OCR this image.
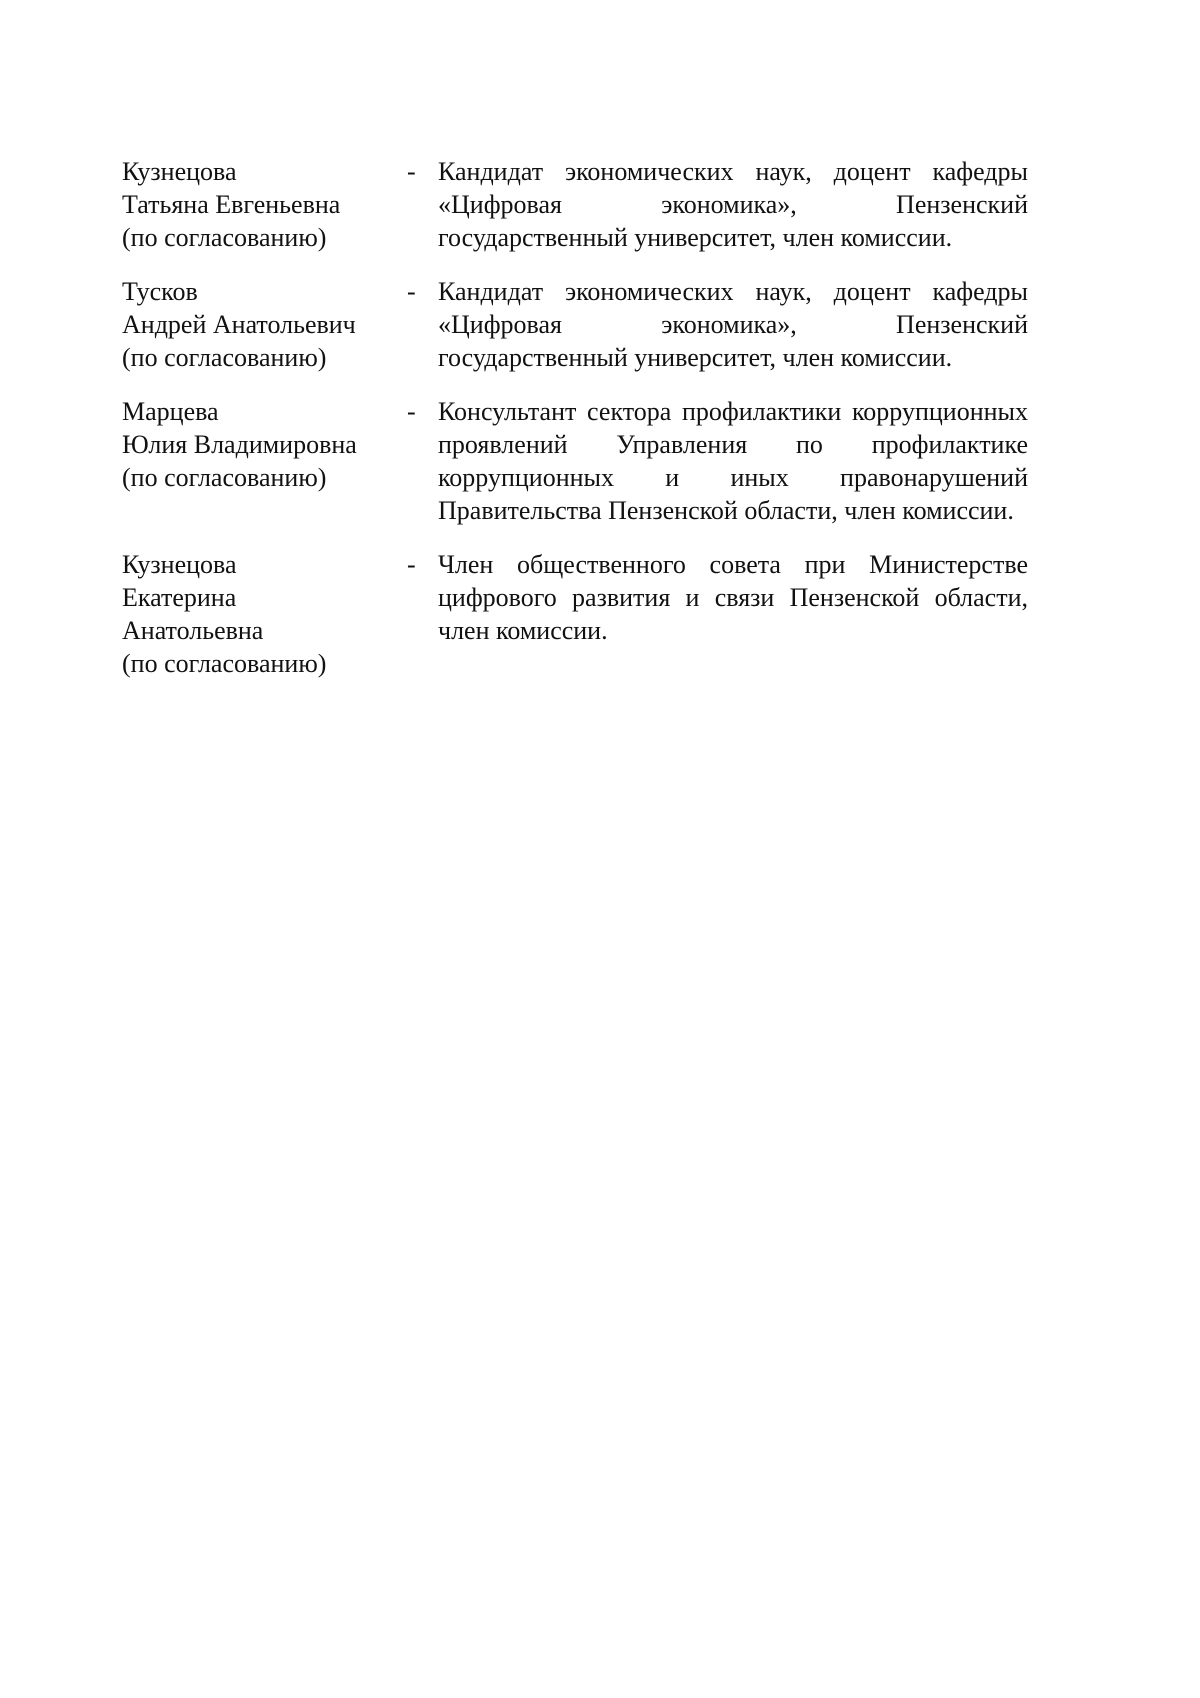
Кузнецова
Татьяна Евгеньевна
(по согласованию)
- Кандидат экономических наук, доцент кафедры «Цифровая экономика», Пензенский государственный университет, член комиссии.
Тусков
Андрей Анатольевич
(по согласованию)
- Кандидат экономических наук, доцент кафедры «Цифровая экономика», Пензенский государственный университет, член комиссии.
Марцева
Юлия Владимировна
(по согласованию)
- Консультант сектора профилактики коррупционных проявлений Управления по профилактике коррупционных и иных правонарушений Правительства Пензенской области, член комиссии.
Кузнецова
Екатерина
Анатольевна
(по согласованию)
- Член общественного совета при Министерстве цифрового развития и связи Пензенской области, член комиссии.
